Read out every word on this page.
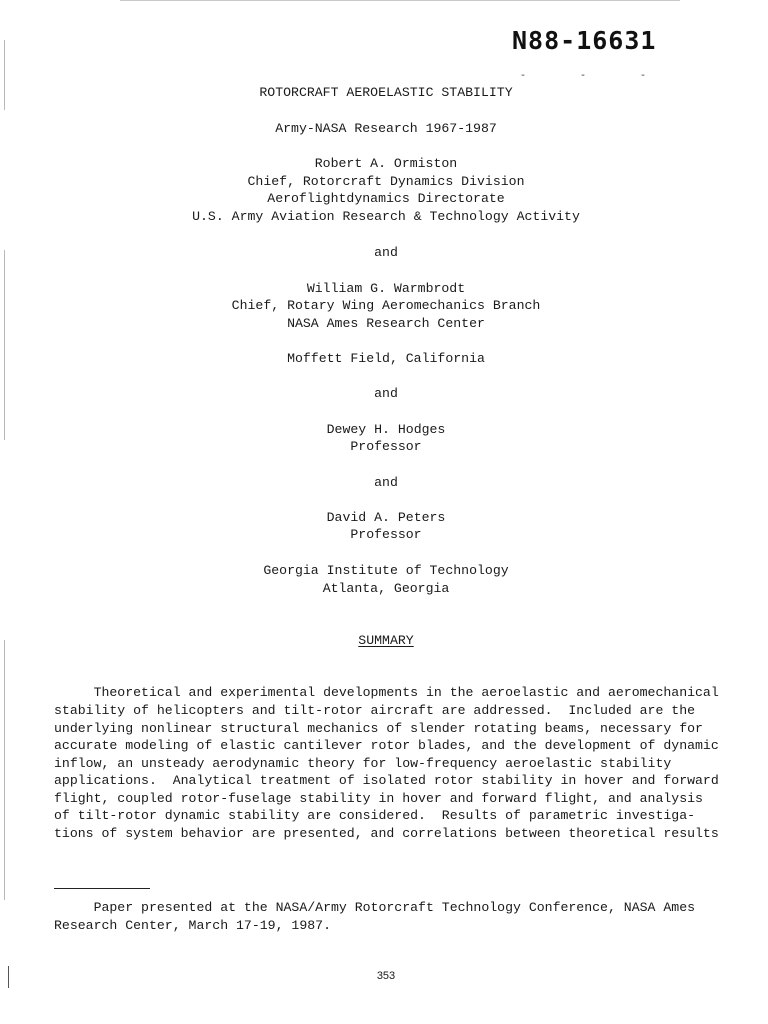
N88-16631
- - -
ROTORCRAFT AEROELASTIC STABILITY
Army-NASA Research 1967-1987
Robert A. Ormiston
Chief, Rotorcraft Dynamics Division
Aeroflightdynamics Directorate
U.S. Army Aviation Research & Technology Activity
and
William G. Warmbrodt
Chief, Rotary Wing Aeromechanics Branch
NASA Ames Research Center
Moffett Field, California
and
Dewey H. Hodges
Professor
and
David A. Peters
Professor
Georgia Institute of Technology
Atlanta, Georgia
SUMMARY
Theoretical and experimental developments in the aeroelastic and aeromechanical
stability of helicopters and tilt-rotor aircraft are addressed.  Included are the
underlying nonlinear structural mechanics of slender rotating beams, necessary for
accurate modeling of elastic cantilever rotor blades, and the development of dynamic
inflow, an unsteady aerodynamic theory for low-frequency aeroelastic stability
applications.  Analytical treatment of isolated rotor stability in hover and forward
flight, coupled rotor-fuselage stability in hover and forward flight, and analysis
of tilt-rotor dynamic stability are considered.  Results of parametric investiga-
tions of system behavior are presented, and correlations between theoretical results
Paper presented at the NASA/Army Rotorcraft Technology Conference, NASA Ames
Research Center, March 17-19, 1987.
353
